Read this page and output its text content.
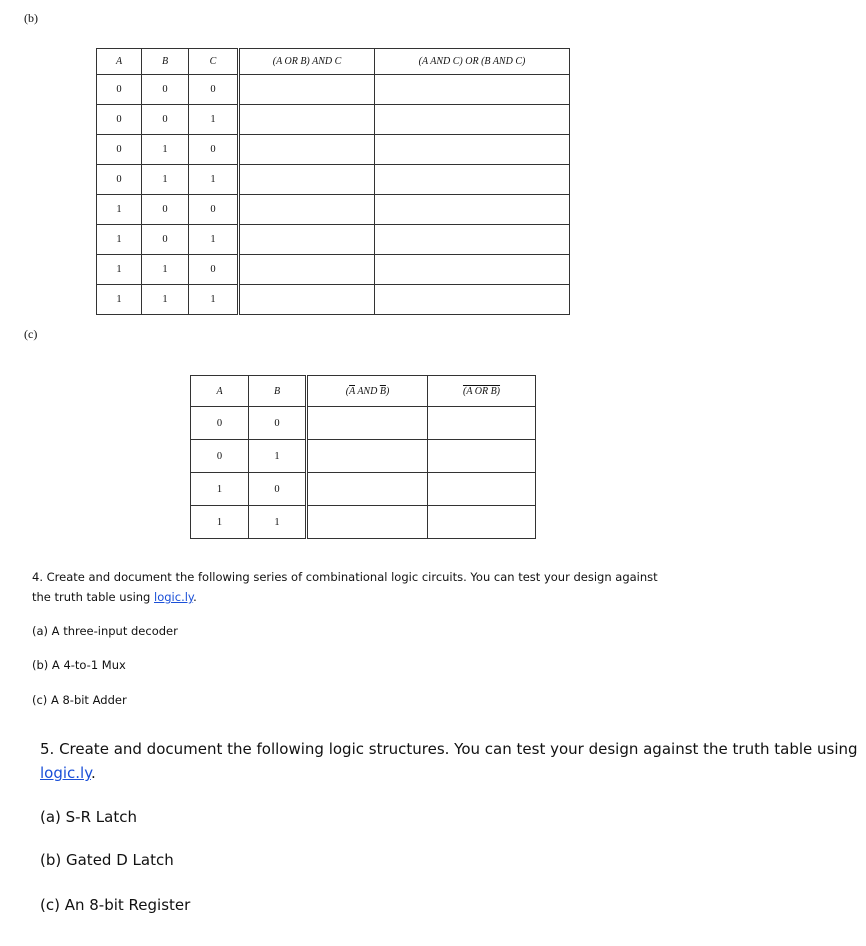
(b)
A	B	C	(A OR B) AND C	(A AND C) OR (B AND C)
0	0	0		
0	0	1		
0	1	0		
0	1	1		
1	0	0		
1	0	1		
1	1	0		
1	1	1		
(c)
A	B	($\overline{A}$ AND $\overline{B}$)	(A OR B)
0	0		
0	1		
1	0		
1	1		
4. Create and document the following series of combinational logic circuits. You can test your design against
the truth table using logic.ly.
(a) A three-input decoder
(b) A 4-to-1 Mux
(c) A 8-bit Adder
5. Create and document the following logic structures. You can test your design against the truth table using
logic.ly.
(a) S-R Latch
(b) Gated D Latch
(c) An 8-bit Register
